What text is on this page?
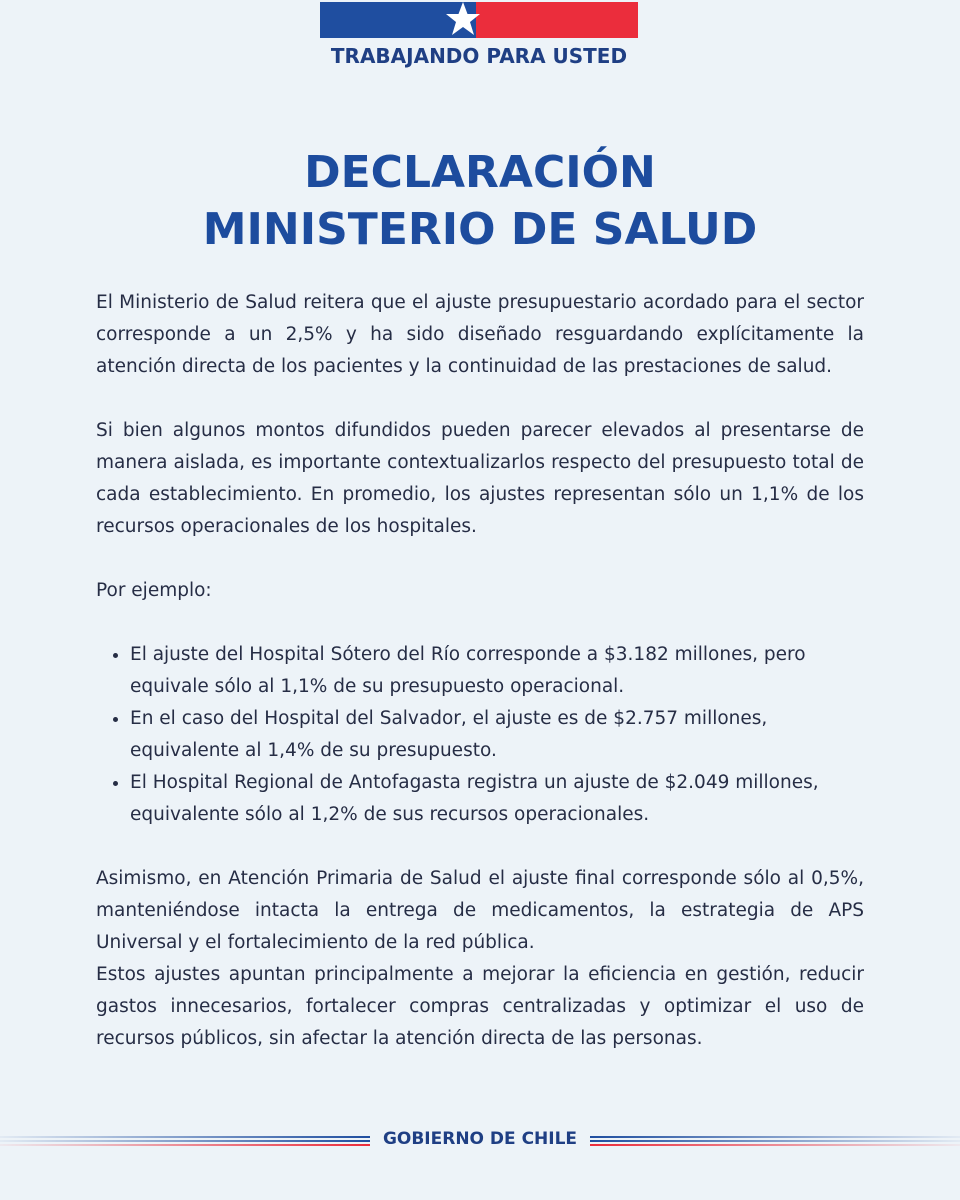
TRABAJANDO PARA USTED
DECLARACIÓN
MINISTERIO DE SALUD

El Ministerio de Salud reitera que el ajuste presupuestario acordado para el sector corresponde a un 2,5% y ha sido diseñado resguardando explícitamente la atención directa de los pacientes y la continuidad de las prestaciones de salud.

Si bien algunos montos difundidos pueden parecer elevados al presentarse de manera aislada, es importante contextualizarlos respecto del presupuesto total de cada establecimiento. En promedio, los ajustes representan sólo un 1,1% de los recursos operacionales de los hospitales.

Por ejemplo:

• El ajuste del Hospital Sótero del Río corresponde a $3.182 millones, pero equivale sólo al 1,1% de su presupuesto operacional.
• En el caso del Hospital del Salvador, el ajuste es de $2.757 millones, equivalente al 1,4% de su presupuesto.
• El Hospital Regional de Antofagasta registra un ajuste de $2.049 millones, equivalente sólo al 1,2% de sus recursos operacionales.

Asimismo, en Atención Primaria de Salud el ajuste final corresponde sólo al 0,5%, manteniéndose intacta la entrega de medicamentos, la estrategia de APS Universal y el fortalecimiento de la red pública.

Estos ajustes apuntan principalmente a mejorar la eficiencia en gestión, reducir gastos innecesarios, fortalecer compras centralizadas y optimizar el uso de recursos públicos, sin afectar la atención directa de las personas.

GOBIERNO DE CHILE
